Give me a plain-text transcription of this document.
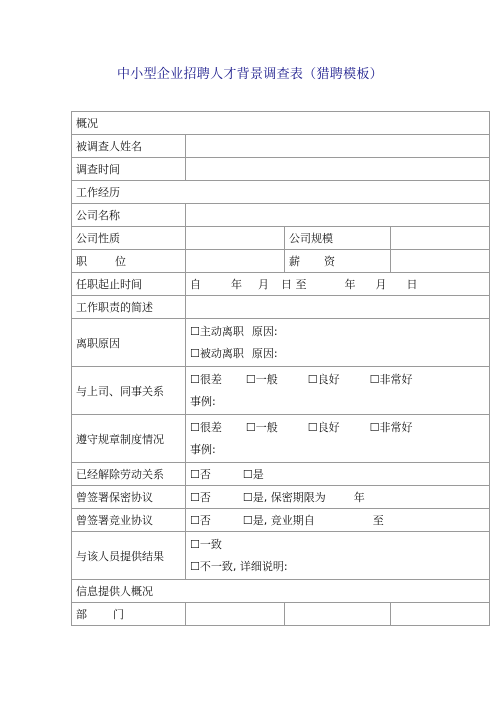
中小型企业招聘人才背景调查表（猎聘模板）
概况			
被调查人姓名			
调查时间			
工作经历			
公司名称			
公司性质		公司规模	
职 位		薪 资	
任职起止时间	自 年 月 日 至 年 月 日		
工作职责的简述			
离职原因	
☐ 主动离职 原因:
☐ 被动离职 原因:

与上司、同事关系	
☐ 很差 ☐ 一般 ☐ 良好 ☐ 非常好
事例:

遵守规章制度情况	
☐ 很差 ☐ 一般 ☐ 良好 ☐ 非常好
事例:

已经解除劳动关系	☐否 ☐ 是
曾签署保密协议	☐否 ☐ 是, 保密期限为 年
曾签署竞业协议	☐否 ☐ 是, 竞业期自 至
与该人员提供结果	
☐ 一致
☐ 不一致, 详细说明:

信息提供人概况			
部 门			
